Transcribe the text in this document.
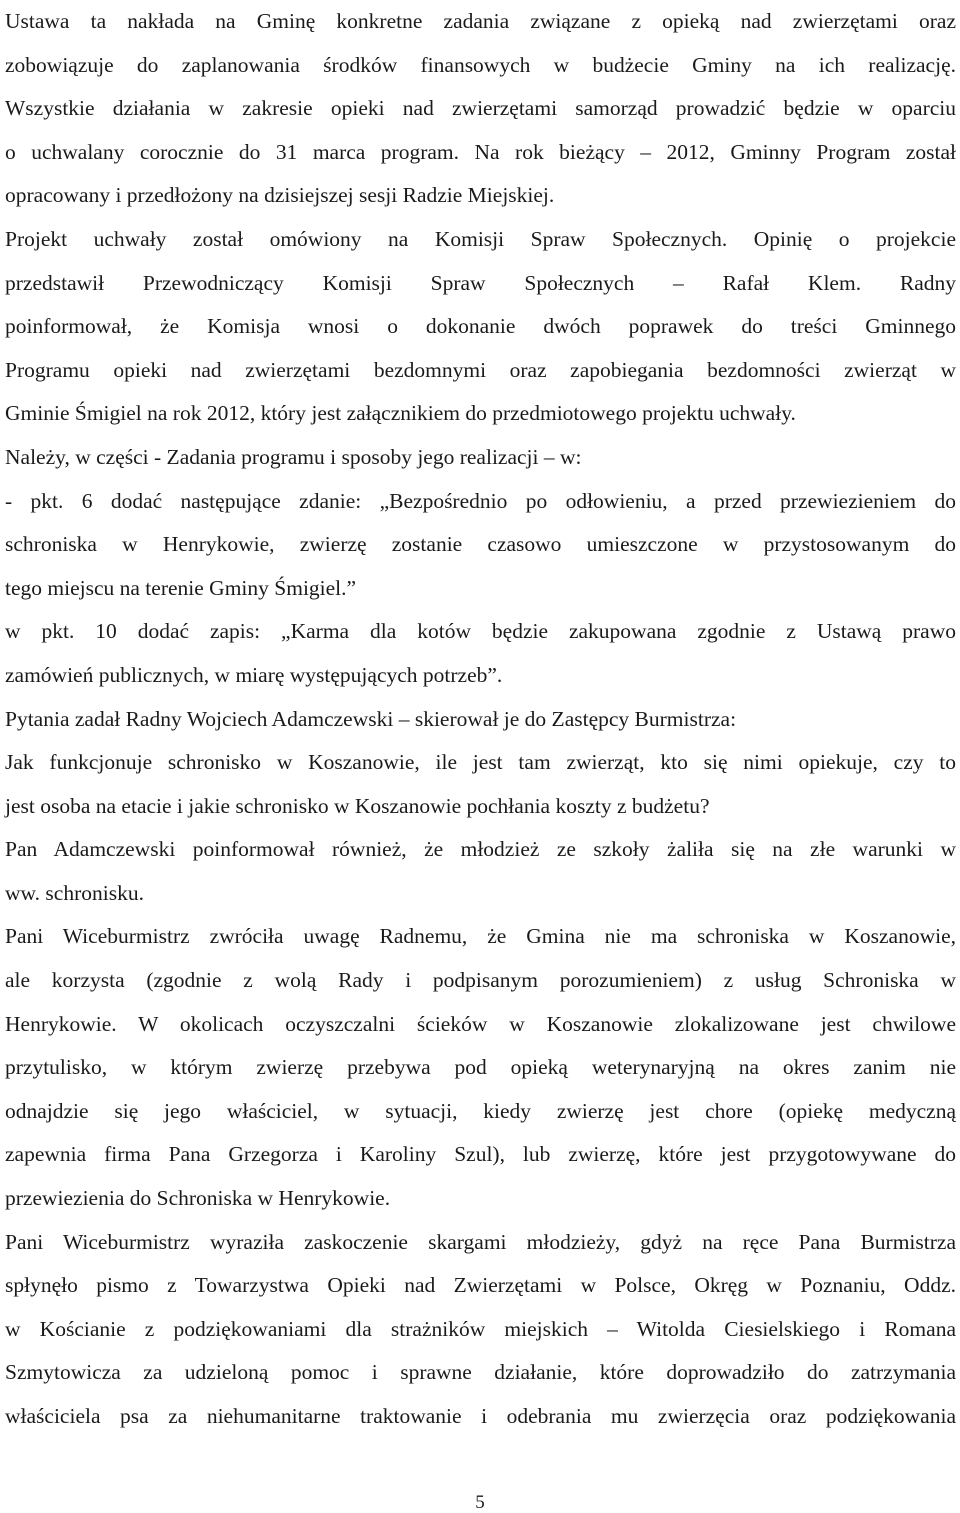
Ustawa ta nakłada na Gminę konkretne zadania związane z opieką nad zwierzętami oraz
zobowiązuje do zaplanowania środków finansowych w budżecie Gminy na ich realizację.
Wszystkie działania w zakresie opieki nad zwierzętami samorząd prowadzić będzie w oparciu
o uchwalany corocznie do 31 marca program. Na rok bieżący – 2012, Gminny Program został
opracowany i przedłożony na dzisiejszej sesji Radzie Miejskiej.
Projekt uchwały został omówiony na Komisji Spraw Społecznych. Opinię o projekcie
przedstawił Przewodniczący Komisji Spraw Społecznych – Rafał Klem. Radny
poinformował, że Komisja wnosi o dokonanie dwóch poprawek do treści Gminnego
Programu opieki nad zwierzętami bezdomnymi oraz zapobiegania bezdomności zwierząt w
Gminie Śmigiel na rok 2012, który jest załącznikiem do przedmiotowego projektu uchwały.
Należy, w części - Zadania programu i sposoby jego realizacji – w:
- pkt. 6 dodać następujące zdanie: „Bezpośrednio po odłowieniu, a przed przewiezieniem do
schroniska w Henrykowie, zwierzę zostanie czasowo umieszczone w przystosowanym do
tego miejscu na terenie Gminy Śmigiel.”
w pkt. 10 dodać zapis: „Karma dla kotów będzie zakupowana zgodnie z Ustawą prawo
zamówień publicznych, w miarę występujących potrzeb”.
Pytania zadał Radny Wojciech Adamczewski – skierował je do Zastępcy Burmistrza:
Jak funkcjonuje schronisko w Koszanowie, ile jest tam zwierząt, kto się nimi opiekuje, czy to
jest osoba na etacie i jakie schronisko w Koszanowie pochłania koszty z budżetu?
Pan Adamczewski poinformował również, że młodzież ze szkoły żaliła się na złe warunki w
ww. schronisku.
Pani Wiceburmistrz zwróciła uwagę Radnemu, że Gmina nie ma schroniska w Koszanowie,
ale korzysta (zgodnie z wolą Rady i podpisanym porozumieniem) z usług Schroniska w
Henrykowie. W okolicach oczyszczalni ścieków w Koszanowie zlokalizowane jest chwilowe
przytulisko, w którym zwierzę przebywa pod opieką weterynaryjną na okres zanim nie
odnajdzie się jego właściciel, w sytuacji, kiedy zwierzę jest chore (opiekę medyczną
zapewnia firma Pana Grzegorza i Karoliny Szul), lub zwierzę, które jest przygotowywane do
przewiezienia do Schroniska w Henrykowie.
Pani Wiceburmistrz wyraziła zaskoczenie skargami młodzieży, gdyż na ręce Pana Burmistrza
spłynęło pismo z Towarzystwa Opieki nad Zwierzętami w Polsce, Okręg w Poznaniu, Oddz.
w Kościanie z podziękowaniami dla strażników miejskich – Witolda Ciesielskiego i Romana
Szmytowicza za udzieloną pomoc i sprawne działanie, które doprowadziło do zatrzymania
właściciela psa za niehumanitarne traktowanie i odebrania mu zwierzęcia oraz podziękowania
5
